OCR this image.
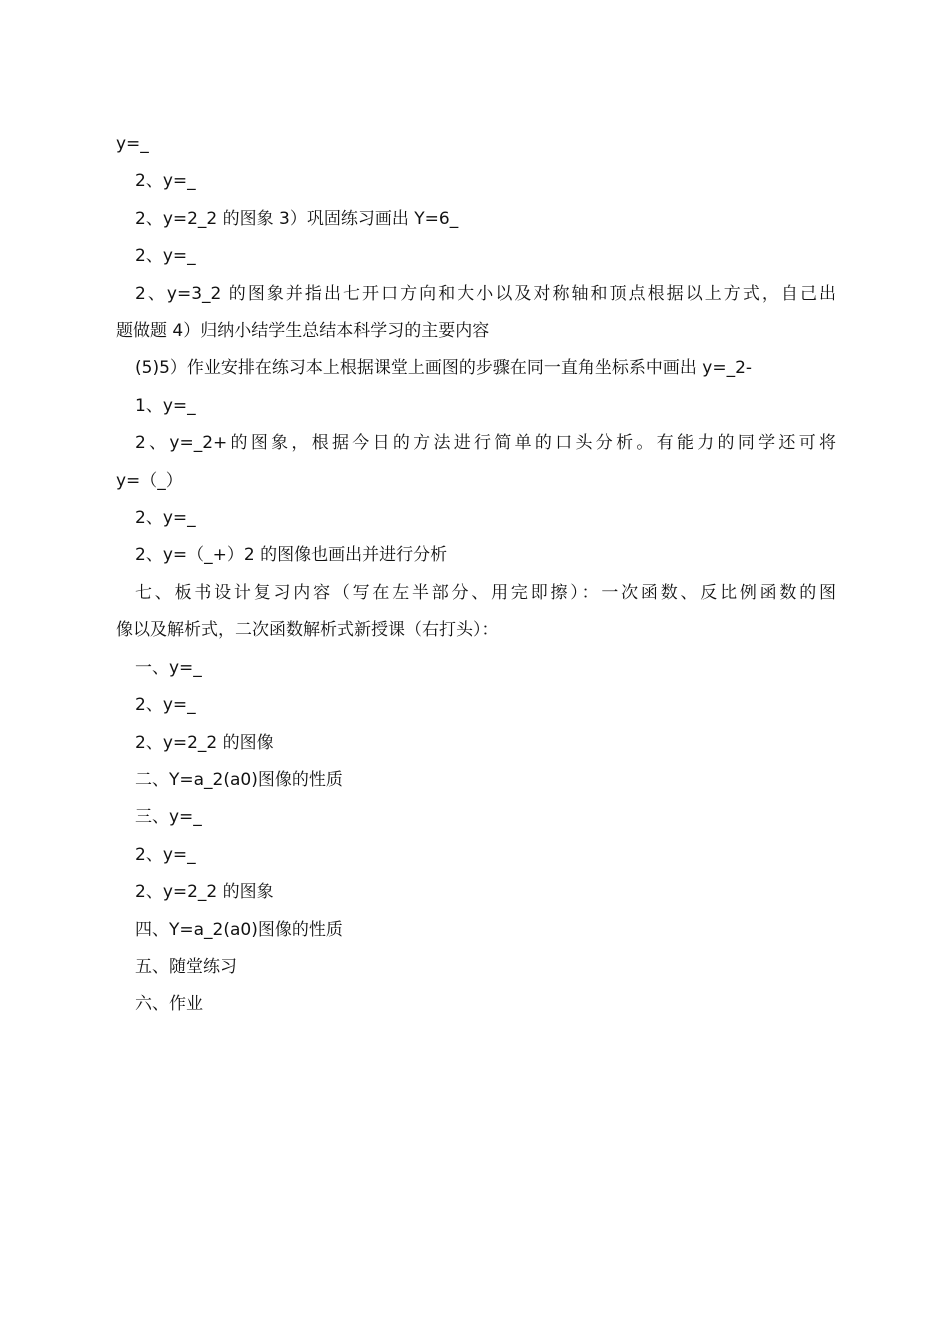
y=_
2、y=_
2、y=2_2 的图象 3）巩固练习画出 Y=6_
2、y=_
2、y=3_2 的图象并指出七开口方向和大小以及对称轴和顶点根据以上方式，自己出
题做题 4）归纳小结学生总结本科学习的主要内容
(5)5）作业安排在练习本上根据课堂上画图的步骤在同一直角坐标系中画出 y=_2-
1、y=_
2、y=_2+的图象，根据今日的方法进行简单的口头分析。有能力的同学还可将
y=（_）
2、y=_
2、y=（_+）2 的图像也画出并进行分析
七、板书设计复习内容（写在左半部分、用完即擦）：一次函数、反比例函数的图
像以及解析式，二次函数解析式新授课（右打头）：
一、y=_
2、y=_
2、y=2_2 的图像
二、Y=a_2(a0)图像的性质
三、y=_
2、y=_
2、y=2_2 的图象
四、Y=a_2(a0)图像的性质
五、随堂练习
六、作业
